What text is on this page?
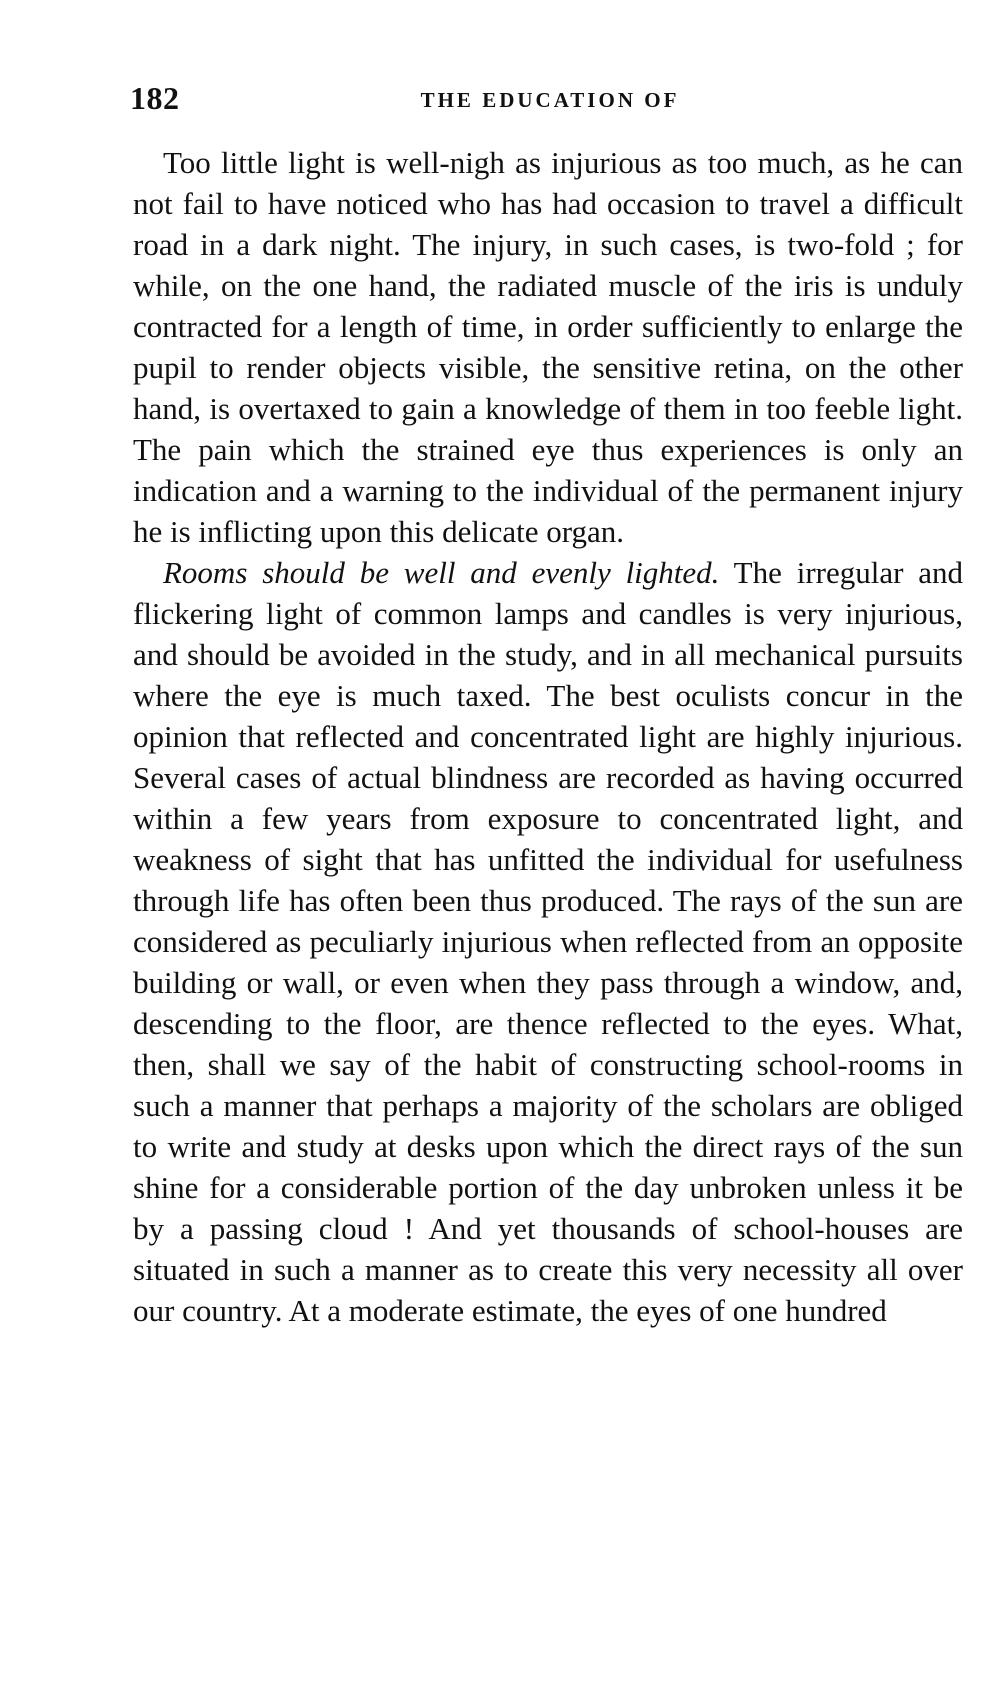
182	THE EDUCATION OF

Too little light is well-nigh as injurious as too much, as he can not fail to have noticed who has had occasion to travel a difficult road in a dark night. The injury, in such cases, is two-fold ; for while, on the one hand, the radiated muscle of the iris is unduly contracted for a length of time, in order sufficiently to enlarge the pupil to render objects visible, the sensitive retina, on the other hand, is overtaxed to gain a knowledge of them in too feeble light. The pain which the strained eye thus experiences is only an indication and a warning to the individual of the permanent injury he is inflicting upon this delicate organ.

Rooms should be well and evenly lighted. The irregular and flickering light of common lamps and candles is very injurious, and should be avoided in the study, and in all mechanical pursuits where the eye is much taxed. The best oculists concur in the opinion that reflected and concentrated light are highly injurious. Several cases of actual blindness are recorded as having occurred within a few years from exposure to concentrated light, and weakness of sight that has unfitted the individual for usefulness through life has often been thus produced. The rays of the sun are considered as peculiarly injurious when reflected from an opposite building or wall, or even when they pass through a window, and, descending to the floor, are thence reflected to the eyes. What, then, shall we say of the habit of constructing school-rooms in such a manner that perhaps a majority of the scholars are obliged to write and study at desks upon which the direct rays of the sun shine for a considerable portion of the day unbroken unless it be by a passing cloud ! And yet thousands of school-houses are situated in such a manner as to create this very necessity all over our country. At a moderate estimate, the eyes of one hundred
